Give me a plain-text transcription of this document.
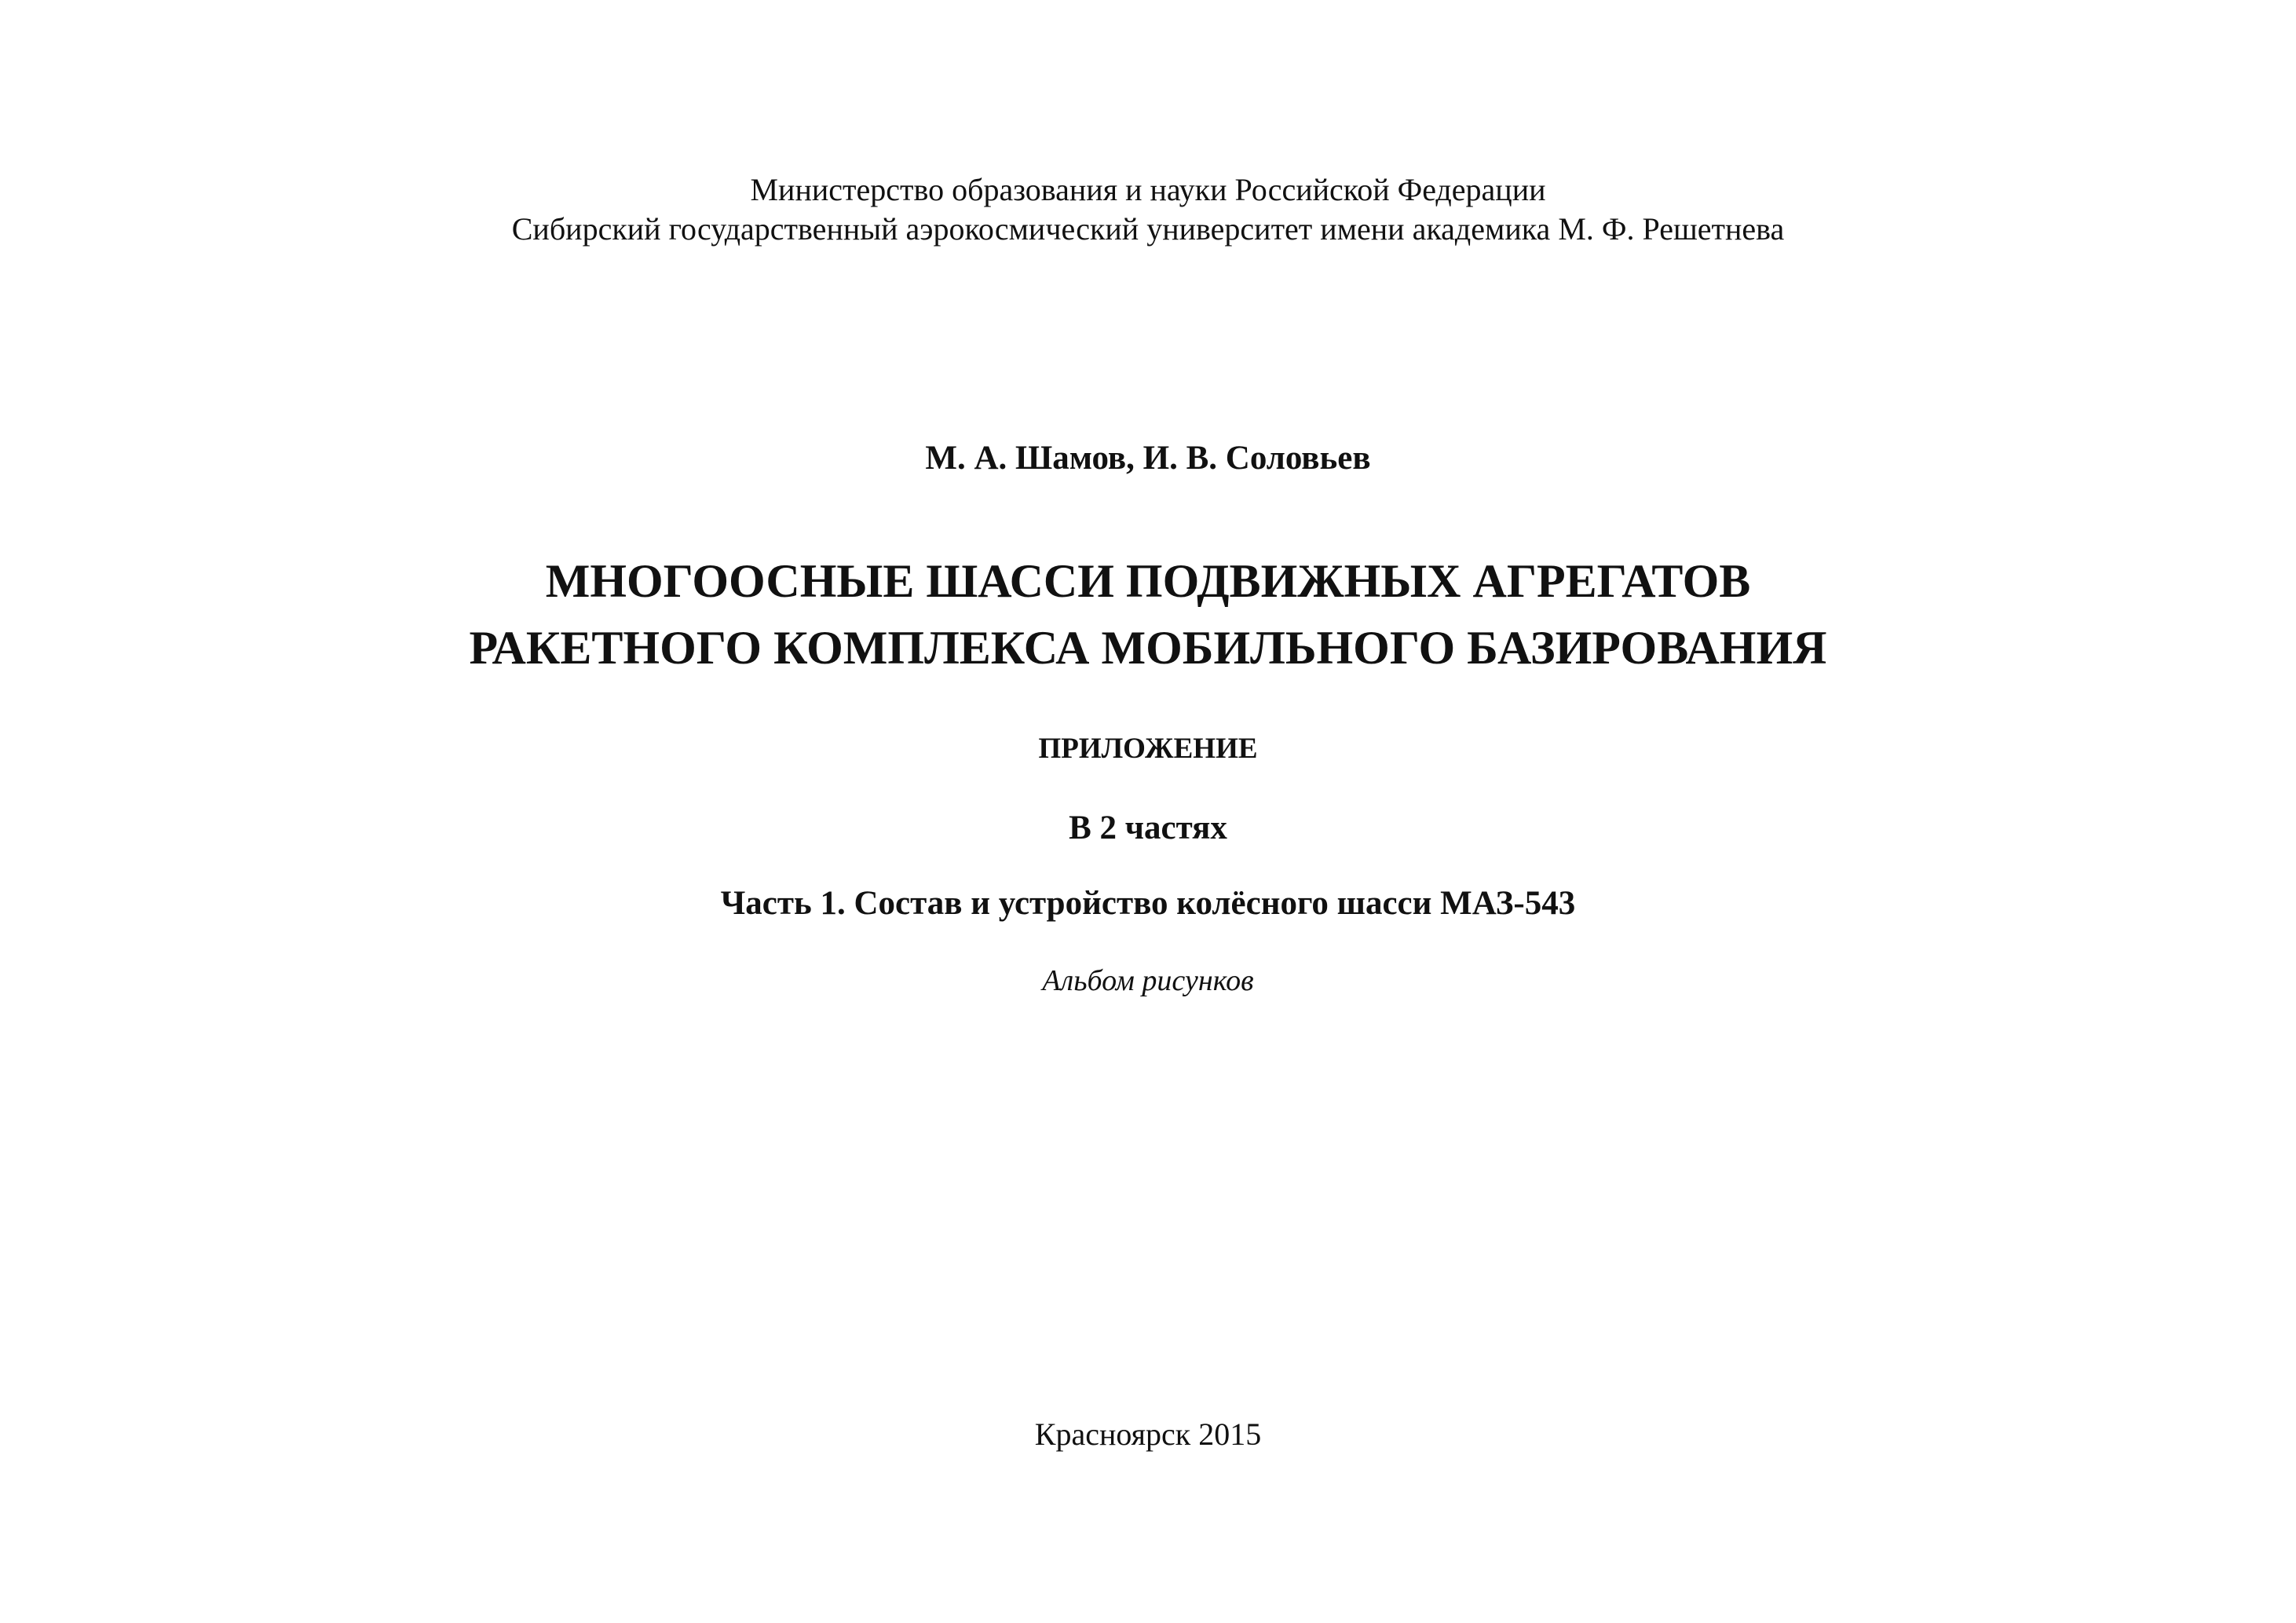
Министерство образования и науки Российской Федерации
Сибирский государственный аэрокосмический университет имени академика М. Ф. Решетнева
М. А. Шамов, И. В. Соловьев
МНОГООСНЫЕ ШАССИ ПОДВИЖНЫХ АГРЕГАТОВ
РАКЕТНОГО КОМПЛЕКСА МОБИЛЬНОГО БАЗИРОВАНИЯ
ПРИЛОЖЕНИЕ
В 2 частях
Часть 1. Состав и устройство колёсного шасси МАЗ-543
Альбом рисунков
Красноярск 2015
